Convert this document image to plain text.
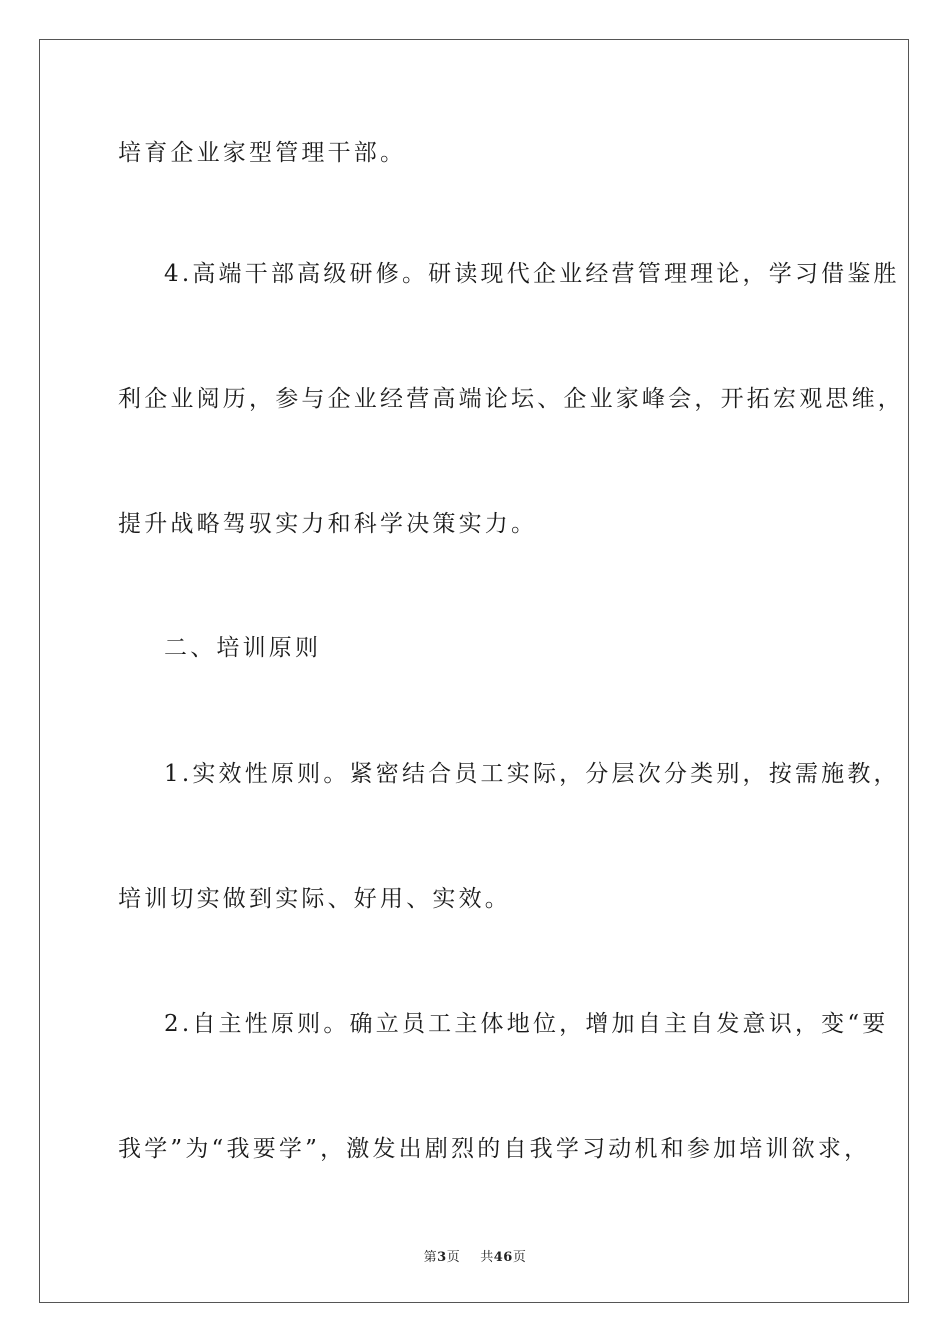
培育企业家型管理干部。
4.高端干部高级研修。研读现代企业经营管理理论，学习借鉴胜
利企业阅历，参与企业经营高端论坛、企业家峰会，开拓宏观思维，
提升战略驾驭实力和科学决策实力。
二、培训原则
1.实效性原则。紧密结合员工实际，分层次分类别，按需施教，
培训切实做到实际、好用、实效。
2.自主性原则。确立员工主体地位，增加自主自发意识，变“要
我学”为“我要学”，激发出剧烈的自我学习动机和参加培训欲求，
第3页 共46页
